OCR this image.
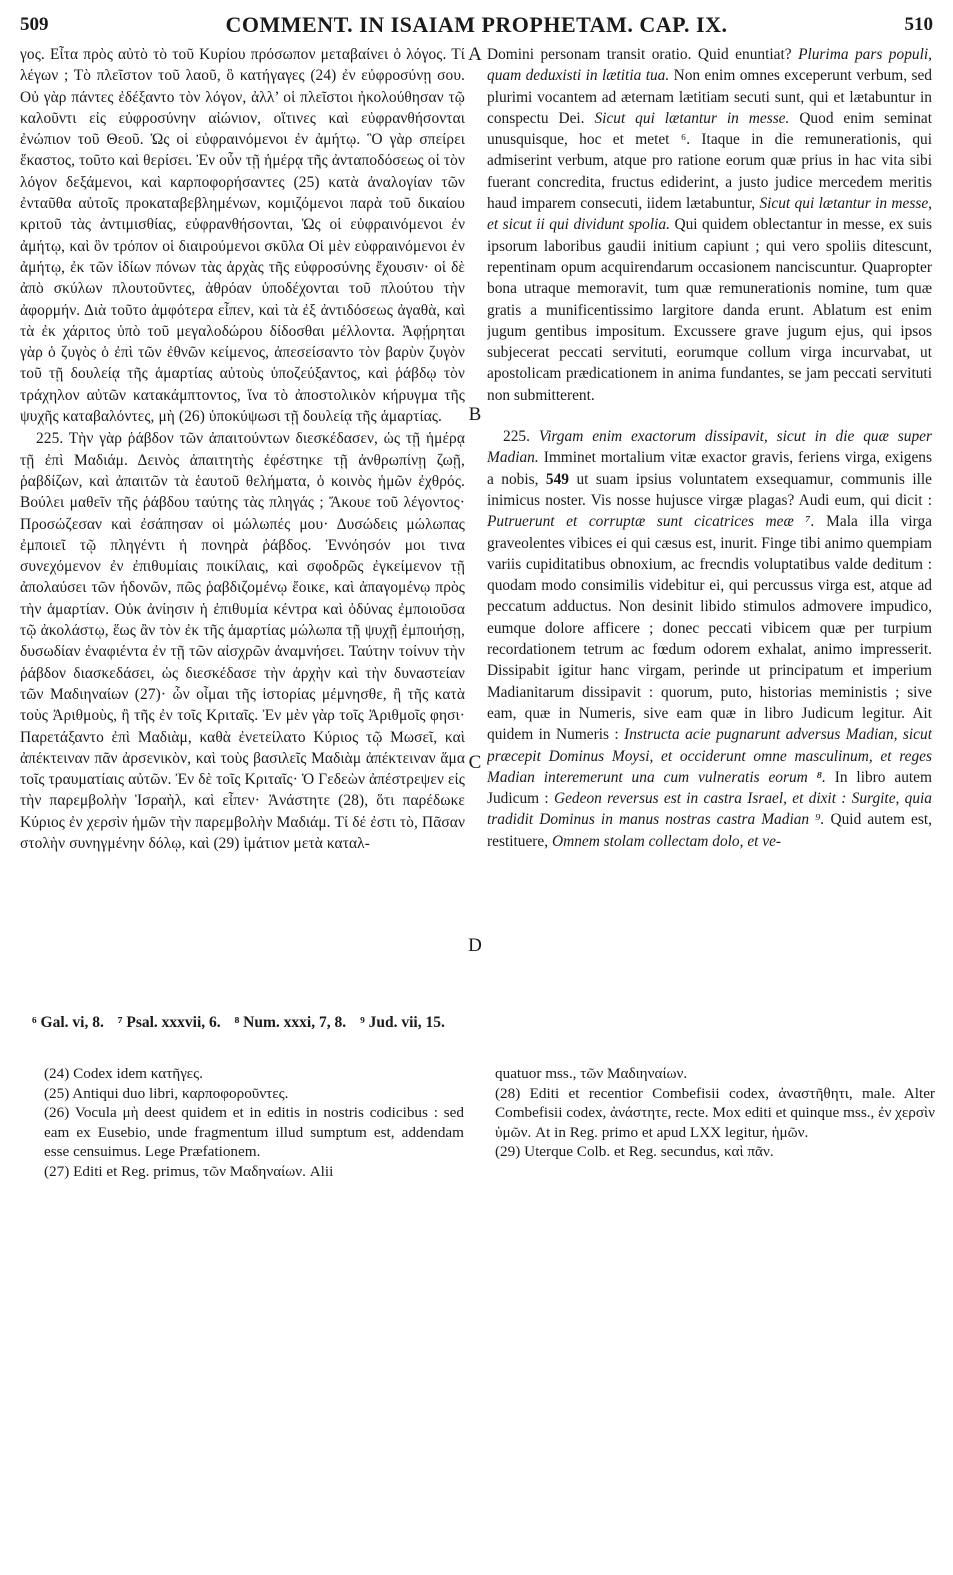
509	COMMENT. IN ISAIAM PROPHETAM. CAP. IX.	510

γος. Εἶτα πρὸς αὐτὸ τὸ τοῦ Κυρίου πρόσωπον μεταβαίνει ὁ λόγος. Τί λέγων ; Τὸ πλεῖστον τοῦ λαοῦ, ὃ κατήγαγες (24) ἐν εὐφροσύνῃ σου. Οὐ γὰρ πάντες ἐδέξαντο τὸν λόγον, ἀλλ’ οἱ πλεῖστοι ἠκολούθησαν τῷ καλοῦντι εἰς εὐφροσύνην αἰώνιον, οἵτινες καὶ εὐφρανθήσονται ἐνώπιον τοῦ Θεοῦ. Ὡς οἱ εὐφραινόμενοι ἐν ἀμήτῳ. Ὃ γὰρ σπείρει ἕκαστος, τοῦτο καὶ θερίσει. Ἐν οὖν τῇ ἡμέρᾳ τῆς ἀνταποδόσεως οἱ τὸν λόγον δεξάμενοι, καὶ καρποφορήσαντες (25) κατὰ ἀναλογίαν τῶν ἐνταῦθα αὐτοῖς προκαταβεβλημένων, κομιζόμενοι παρὰ τοῦ δικαίου κριτοῦ τὰς ἀντιμισθίας, εὐφρανθήσονται, Ὡς οἱ εὐφραινόμενοι ἐν ἀμήτῳ, καὶ ὃν τρόπον οἱ διαιρούμενοι σκῦλα Οἱ μὲν εὐφραινόμενοι ἐν ἀμήτῳ, ἐκ τῶν ἰδίων πόνων τὰς ἀρχὰς τῆς εὐφροσύνης ἔχουσιν· οἱ δὲ ἀπὸ σκύλων πλουτοῦντες, ἀθρόαν ὑποδέχονται τοῦ πλούτου τὴν ἀφορμήν. Διὰ τοῦτο ἀμφότερα εἶπεν, καὶ τὰ ἐξ ἀντιδόσεως ἀγαθὰ, καὶ τὰ ἐκ χάριτος ὑπὸ τοῦ μεγαλοδώρου δίδοσθαι μέλλοντα. Ἀφῄρηται γὰρ ὁ ζυγὸς ὁ ἐπὶ τῶν ἐθνῶν κείμενος, ἀπεσείσαντο τὸν βαρὺν ζυγὸν τοῦ τῇ δουλείᾳ τῆς ἁμαρτίας αὐτοὺς ὑποζεύξαντος, καὶ ῥάβδῳ τὸν τράχηλον αὐτῶν κατακάμπτοντος, ἵνα τὸ ἀποστολικὸν κήρυγμα τῆς ψυχῆς καταβαλόντες, μὴ (26) ὑποκύψωσι τῇ δουλείᾳ τῆς ἁμαρτίας.

225. Τὴν γὰρ ῥάβδον τῶν ἀπαιτούντων διεσκέδασεν, ὡς τῇ ἡμέρᾳ τῇ ἐπὶ Μαδιάμ. Δεινὸς ἀπαιτητὴς ἐφέστηκε τῇ ἀνθρωπίνῃ ζωῇ, ῥαβδίζων, καὶ ἀπαιτῶν τὰ ἑαυτοῦ θελήματα, ὁ κοινὸς ἡμῶν ἐχθρός. Βούλει μαθεῖν τῆς ῥάβδου ταύτης τὰς πληγάς ; Ἄκουε τοῦ λέγοντος· Προσώζεσαν καὶ ἐσάπησαν οἱ μώλωπές μου· Δυσώδεις μώλωπας ἐμποιεῖ τῷ πληγέντι ἡ πονηρὰ ῥάβδος. Ἐννόησόν μοι τινα συνεχόμενον ἐν ἐπιθυμίαις ποικίλαις, καὶ σφοδρῶς ἐγκείμενον τῇ ἀπολαύσει τῶν ἡδονῶν, πῶς ῥαβδιζομένῳ ἔοικε, καὶ ἀπαγομένῳ πρὸς τὴν ἁμαρτίαν. Οὐκ ἀνίησιν ἡ ἐπιθυμία κέντρα καὶ ὀδύνας ἐμποιοῦσα τῷ ἀκολάστῳ, ἕως ἂν τὸν ἐκ τῆς ἁμαρτίας μώλωπα τῇ ψυχῇ ἐμποιήσῃ, δυσωδίαν ἐναφιέντα ἐν τῇ τῶν αἰσχρῶν ἀναμνήσει. Ταύτην τοίνυν τὴν ῥάβδον διασκεδάσει, ὡς διεσκέδασε τὴν ἀρχὴν καὶ τὴν δυναστείαν τῶν Μαδιηναίων (27)· ὧν οἶμαι τῆς ἱστορίας μέμνησθε, ἢ τῆς κατὰ τοὺς Ἀριθμοὺς, ἢ τῆς ἐν τοῖς Κριταῖς. Ἐν μὲν γὰρ τοῖς Ἀριθμοῖς φησι· Παρετάξαντο ἐπὶ Μαδιὰμ, καθὰ ἐνετείλατο Κύριος τῷ Μωσεῖ, καὶ ἀπέκτειναν πᾶν ἀρσενικὸν, καὶ τοὺς βασιλεῖς Μαδιὰμ ἀπέκτειναν ἅμα τοῖς τραυματίαις αὐτῶν. Ἐν δὲ τοῖς Κριταῖς· Ὁ Γεδεὼν ἀπέστρεψεν εἰς τὴν παρεμβολὴν Ἰσραὴλ, καὶ εἶπεν· Ἀνάστητε (28), ὅτι παρέδωκε Κύριος ἐν χερσὶν ἡμῶν τὴν παρεμβολὴν Μαδιάμ. Τί δέ ἐστι τὸ, Πᾶσαν στολὴν συνηγμένην δόλῳ, καὶ (29) ἱμάτιον μετὰ καταλ-

A
B
C
D

Domini personam transit oratio. Quid enuntiat? Plurima pars populi, quam deduxisti in lætitia tua. Non enim omnes exceperunt verbum, sed plurimi vocantem ad æternam lætitiam secuti sunt, qui et lætabuntur in conspectu Dei. Sicut qui lætantur in messe. Quod enim seminat unusquisque, hoc et metet ⁶. Itaque in die remunerationis, qui admiserint verbum, atque pro ratione eorum quæ prius in hac vita sibi fuerant concredita, fructus ediderint, a justo judice mercedem meritis haud imparem consecuti, iidem lætabuntur, Sicut qui lætantur in messe, et sicut ii qui dividunt spolia. Qui quidem oblectantur in messe, ex suis ipsorum laboribus gaudii initium capiunt ; qui vero spoliis ditescunt, repentinam opum acquirendarum occasionem nanciscuntur. Quapropter bona utraque memoravit, tum quæ remunerationis nomine, tum quæ gratis a munificentissimo largitore danda erunt. Ablatum est enim jugum gentibus impositum. Excussere grave jugum ejus, qui ipsos subjecerat peccati servituti, eorumque collum virga incurvabat, ut apostolicam prædicationem in anima fundantes, se jam peccati servituti non submitterent.

225. Virgam enim exactorum dissipavit, sicut in die quæ super Madian. Imminet mortalium vitæ exactor gravis, feriens virga, exigens a nobis, 549 ut suam ipsius voluntatem exsequamur, communis ille inimicus noster. Vis nosse hujusce virgæ plagas? Audi eum, qui dicit : Putruerunt et corruptæ sunt cicatrices meæ ⁷. Mala illa virga graveolentes vibices ei qui cæsus est, inurit. Finge tibi animo quempiam variis cupiditatibus obnoxium, ac frecndis voluptatibus valde deditum : quodam modo consimilis videbitur ei, qui percussus virga est, atque ad peccatum adductus. Non desinit libido stimulos admovere impudico, eumque dolore afficere ; donec peccati vibicem quæ per turpium recordationem tetrum ac fœdum odorem exhalat, animo impresserit. Dissipabit igitur hanc virgam, perinde ut principatum et imperium Madianitarum dissipavit : quorum, puto, historias meministis ; sive eam, quæ in Numeris, sive eam quæ in libro Judicum legitur. Ait quidem in Numeris : Instructa acie pugnarunt adversus Madian, sicut præcepit Dominus Moysi, et occiderunt omne masculinum, et reges Madian interemerunt una cum vulneratis eorum ⁸. In libro autem Judicum : Gedeon reversus est in castra Israel, et dixit : Surgite, quia tradidit Dominus in manus nostras castra Madian ⁹. Quid autem est, restituere, Omnem stolam collectam dolo, et ve-

⁶ Gal. vi, 8. ⁷ Psal. xxxvii, 6. ⁸ Num. xxxi, 7, 8. ⁹ Jud. vii, 15.

(24) Codex idem κατῆγες.

(25) Antiqui duo libri, καρποφοροῦντες.

(26) Vocula μὴ deest quidem et in editis in nostris codicibus : sed eam ex Eusebio, unde fragmentum illud sumptum est, addendam esse censuimus. Lege Præfationem.

(27) Editi et Reg. primus, τῶν Μαδηναίων. Alii

quatuor mss., τῶν Μαδιηναίων.

(28) Editi et recentior Combefisii codex, ἀναστῆθητι, male. Alter Combefisii codex, ἀνάστητε, recte. Mox editi et quinque mss., ἐν χερσὶν ὑμῶν. At in Reg. primo et apud LXX legitur, ἡμῶν.

(29) Uterque Colb. et Reg. secundus, καὶ πᾶν.
